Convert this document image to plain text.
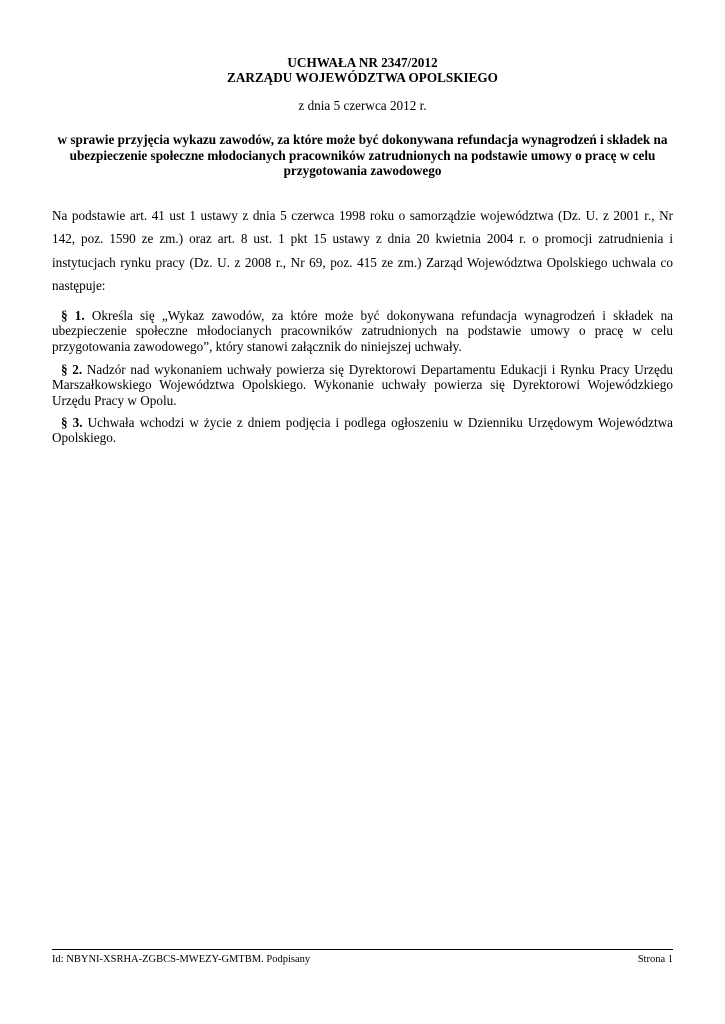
UCHWAŁA NR 2347/2012
ZARZĄDU WOJEWÓDZTWA OPOLSKIEGO
z dnia 5 czerwca 2012 r.
w sprawie przyjęcia wykazu zawodów, za które może być dokonywana refundacja wynagrodzeń i składek na
ubezpieczenie społeczne młodocianych pracowników zatrudnionych na podstawie umowy o pracę w celu
przygotowania zawodowego
Na podstawie art. 41 ust 1 ustawy z dnia 5 czerwca 1998 roku o samorządzie województwa (Dz. U. z 2001 r., Nr 142, poz. 1590 ze zm.) oraz art. 8 ust. 1 pkt 15 ustawy z dnia 20 kwietnia 2004 r. o promocji zatrudnienia i instytucjach rynku pracy (Dz. U. z 2008 r., Nr 69, poz. 415 ze zm.) Zarząd Województwa Opolskiego uchwala co następuje:
§ 1. Określa się „Wykaz zawodów, za które może być dokonywana refundacja wynagrodzeń i składek na ubezpieczenie społeczne młodocianych pracowników zatrudnionych na podstawie umowy o pracę w celu przygotowania zawodowego”, który stanowi załącznik do niniejszej uchwały.
§ 2. Nadzór nad wykonaniem uchwały powierza się Dyrektorowi Departamentu Edukacji i Rynku Pracy Urzędu Marszałkowskiego Województwa Opolskiego. Wykonanie uchwały powierza się Dyrektorowi Wojewódzkiego Urzędu Pracy w Opolu.
§ 3. Uchwała wchodzi w życie z dniem podjęcia i podlega ogłoszeniu w Dzienniku Urzędowym Województwa Opolskiego.
Id: NBYNI-XSRHA-ZGBCS-MWEZY-GMTBM. Podpisany	Strona 1
